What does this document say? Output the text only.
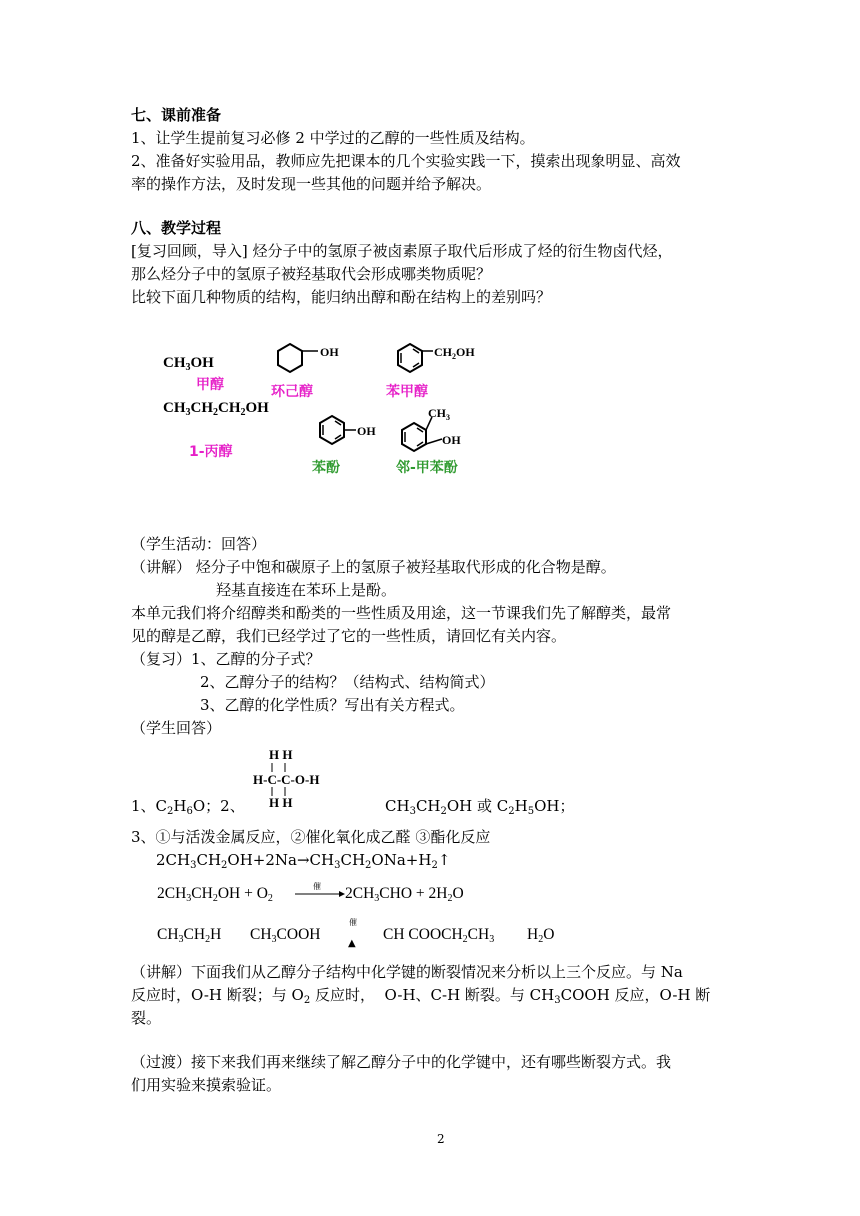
七、课前准备
1、让学生提前复习必修 2 中学过的乙醇的一些性质及结构。
2、准备好实验用品，教师应先把课本的几个实验实践一下，摸索出现象明显、高效
率的操作方法，及时发现一些其他的问题并给予解决。
八、教学过程
[复习回顾，导入] 烃分子中的氢原子被卤素原子取代后形成了烃的衍生物卤代烃，
那么烃分子中的氢原子被羟基取代会形成哪类物质呢？
比较下面几种物质的结构，能归纳出醇和酚在结构上的差别吗？
$CH_3OH$
甲醇
$CH_3CH_2CH_2OH$
1-丙醇
OH	$CH_2OH$
OH
$CH_3$
OH
环己醇	苯甲醇
苯酚	邻-甲苯酚
（学生活动：回答）
（讲解） 烃分子中饱和碳原子上的氢原子被羟基取代形成的化合物是醇。
羟基直接连在苯环上是酚。
本单元我们将介绍醇类和酚类的一些性质及用途，这一节课我们先了解醇类，最常
见的醇是乙醇，我们已经学过了它的一些性质，请回忆有关内容。
（复习）1、乙醇的分子式？
2、乙醇分子的结构？（结构式、结构简式）
3、乙醇的化学性质？写出有关方程式。
（学生回答）
H H
H-C-C-O-H
H H
1、$C_2H_6O$；2、	$CH_3CH_2OH$ 或 $C_2H_5OH$；
3、①与活泼金属反应，②催化氧化成乙醛 ③酯化反应
$2CH_3CH_2OH+2Na\to CH_3CH_2ONa+H_2↑$
$2CH_3CH_2OH + O_2$
催 $2CH_3CHO + 2H_2O$
$CH_3CH_2H$ $CH_3COOH$
催
▲
CH $COOCH_2CH_3$ $H_2O$
（讲解）下面我们从乙醇分子结构中化学键的断裂情况来分析以上三个反应。与 Na
反应时，O-H 断裂；与 $O_2$ 反应时，  O-H、C-H 断裂。与 $CH_3COOH$ 反应，O-H 断
裂。
（过渡）接下来我们再来继续了解乙醇分子中的化学键中，还有哪些断裂方式。我
们用实验来摸索验证。
2
